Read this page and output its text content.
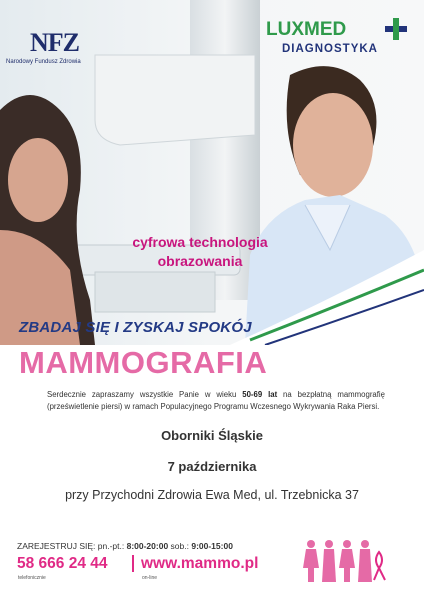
NFZ
Narodowy Fundusz Zdrowia
LUXMED
DIAGNOSTYKA
cyfrowa technologia
obrazowania
ZBADAJ SIĘ I ZYSKAJ SPOKÓJ
MAMMOGRAFIA
Serdecznie zapraszamy wszystkie Panie w wieku 50-69 lat na bezpłatną mammografię (prześwietlenie piersi) w ramach Populacyjnego Programu Wczesnego Wykrywania Raka Piersi.
Oborniki Śląskie
7 października
przy Przychodni Zdrowia Ewa Med, ul. Trzebnicka 37
ZAREJESTRUJ SIĘ: pn.-pt.: 8:00-20:00 sob.: 9:00-15:00
58 666 24 44 www.mammo.pl
telefonicznie	on-line
